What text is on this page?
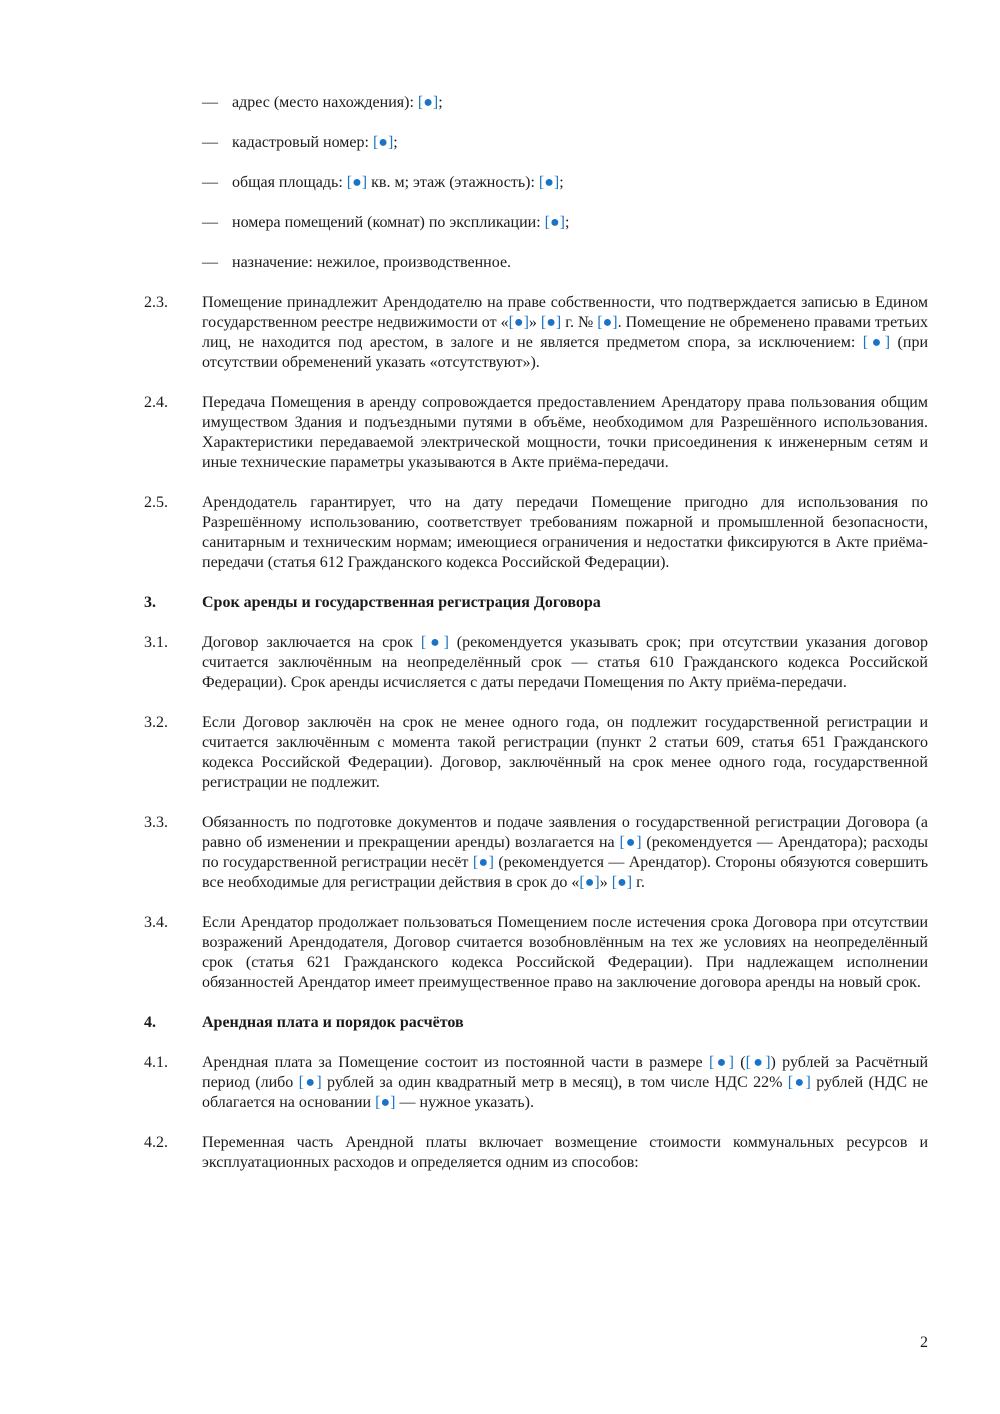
— адрес (место нахождения): [●];
— кадастровый номер: [●];
— общая площадь: [●] кв. м; этаж (этажность): [●];
— номера помещений (комнат) по экспликации: [●];
— назначение: нежилое, производственное.
2.3. Помещение принадлежит Арендодателю на праве собственности, что подтверждается записью в Едином государственном реестре недвижимости от «[●]» [●] г. № [●]. Помещение не обременено правами третьих лиц, не находится под арестом, в залоге и не является предметом спора, за исключением: [●] (при отсутствии обременений указать «отсутствуют»).
2.4. Передача Помещения в аренду сопровождается предоставлением Арендатору права пользования общим имуществом Здания и подъездными путями в объёме, необходимом для Разрешённого использования. Характеристики передаваемой электрической мощности, точки присоединения к инженерным сетям и иные технические параметры указываются в Акте приёма-передачи.
2.5. Арендодатель гарантирует, что на дату передачи Помещение пригодно для использования по Разрешённому использованию, соответствует требованиям пожарной и промышленной безопасности, санитарным и техническим нормам; имеющиеся ограничения и недостатки фиксируются в Акте приёма-передачи (статья 612 Гражданского кодекса Российской Федерации).
3.	Срок аренды и государственная регистрация Договора
3.1. Договор заключается на срок [●] (рекомендуется указывать срок; при отсутствии указания договор считается заключённым на неопределённый срок — статья 610 Гражданского кодекса Российской Федерации). Срок аренды исчисляется с даты передачи Помещения по Акту приёма-передачи.
3.2. Если Договор заключён на срок не менее одного года, он подлежит государственной регистрации и считается заключённым с момента такой регистрации (пункт 2 статьи 609, статья 651 Гражданского кодекса Российской Федерации). Договор, заключённый на срок менее одного года, государственной регистрации не подлежит.
3.3. Обязанность по подготовке документов и подаче заявления о государственной регистрации Договора (а равно об изменении и прекращении аренды) возлагается на [●] (рекомендуется — Арендатора); расходы по государственной регистрации несёт [●] (рекомендуется — Арендатор). Стороны обязуются совершить все необходимые для регистрации действия в срок до «[●]» [●] г.
3.4. Если Арендатор продолжает пользоваться Помещением после истечения срока Договора при отсутствии возражений Арендодателя, Договор считается возобновлённым на тех же условиях на неопределённый срок (статья 621 Гражданского кодекса Российской Федерации). При надлежащем исполнении обязанностей Арендатор имеет преимущественное право на заключение договора аренды на новый срок.
4.	Арендная плата и порядок расчётов
4.1. Арендная плата за Помещение состоит из постоянной части в размере [●] ([●]) рублей за Расчётный период (либо [●] рублей за один квадратный метр в месяц), в том числе НДС 22% [●] рублей (НДС не облагается на основании [●] — нужное указать).
4.2. Переменная часть Арендной платы включает возмещение стоимости коммунальных ресурсов и эксплуатационных расходов и определяется одним из способов:
2
